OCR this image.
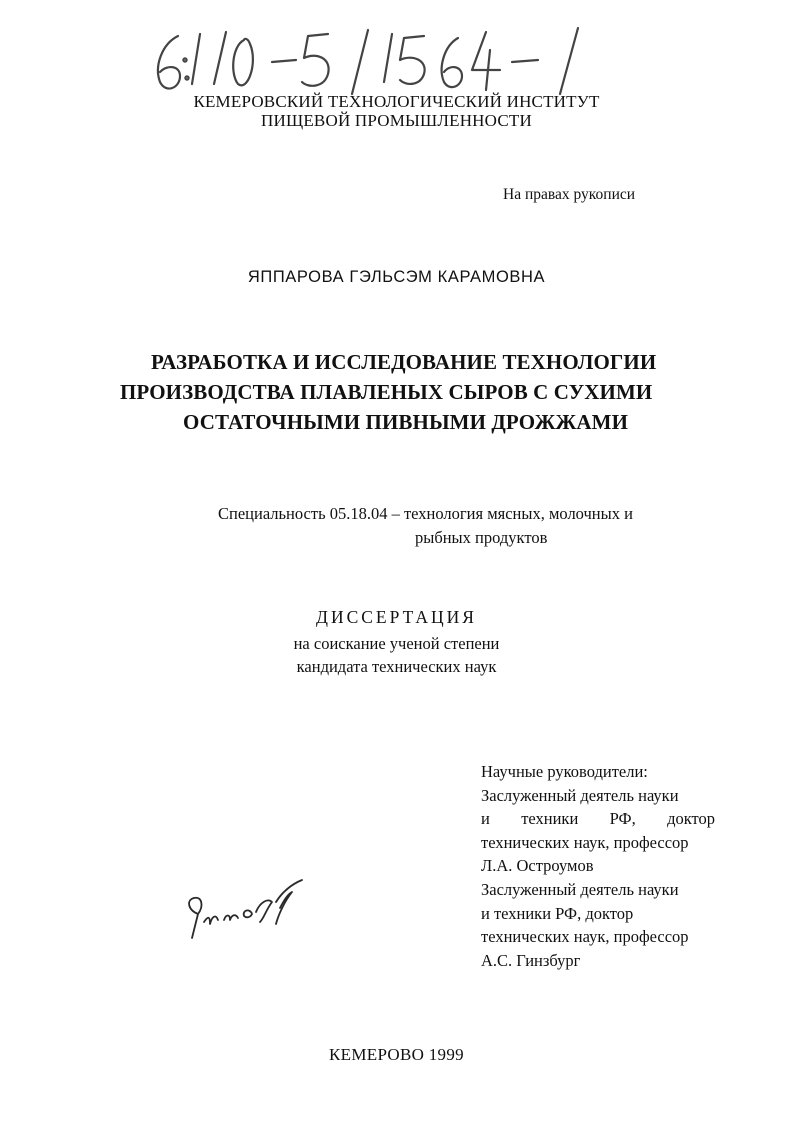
КЕМЕРОВСКИЙ ТЕХНОЛОГИЧЕСКИЙ ИНСТИТУТ
ПИЩЕВОЙ ПРОМЫШЛЕННОСТИ
На правах рукописи
ЯППАРОВА ГЭЛЬСЭМ КАРАМОВНА
РАЗРАБОТКА И ИССЛЕДОВАНИЕ ТЕХНОЛОГИИ
ПРОИЗВОДСТВА ПЛАВЛЕНЫХ СЫРОВ С СУХИМИ
ОСТАТОЧНЫМИ ПИВНЫМИ ДРОЖЖАМИ
Специальность 05.18.04 – технология мясных, молочных и
рыбных продуктов
ДИССЕРТАЦИЯ
на соискание ученой степени
кандидата технических наук
Научные руководители:
Заслуженный деятель науки
и техники РФ, доктор
технических наук, профессор
Л.А. Остроумов
Заслуженный деятель науки
и техники РФ, доктор
технических наук, профессор
А.С. Гинзбург
КЕМЕРОВО 1999
